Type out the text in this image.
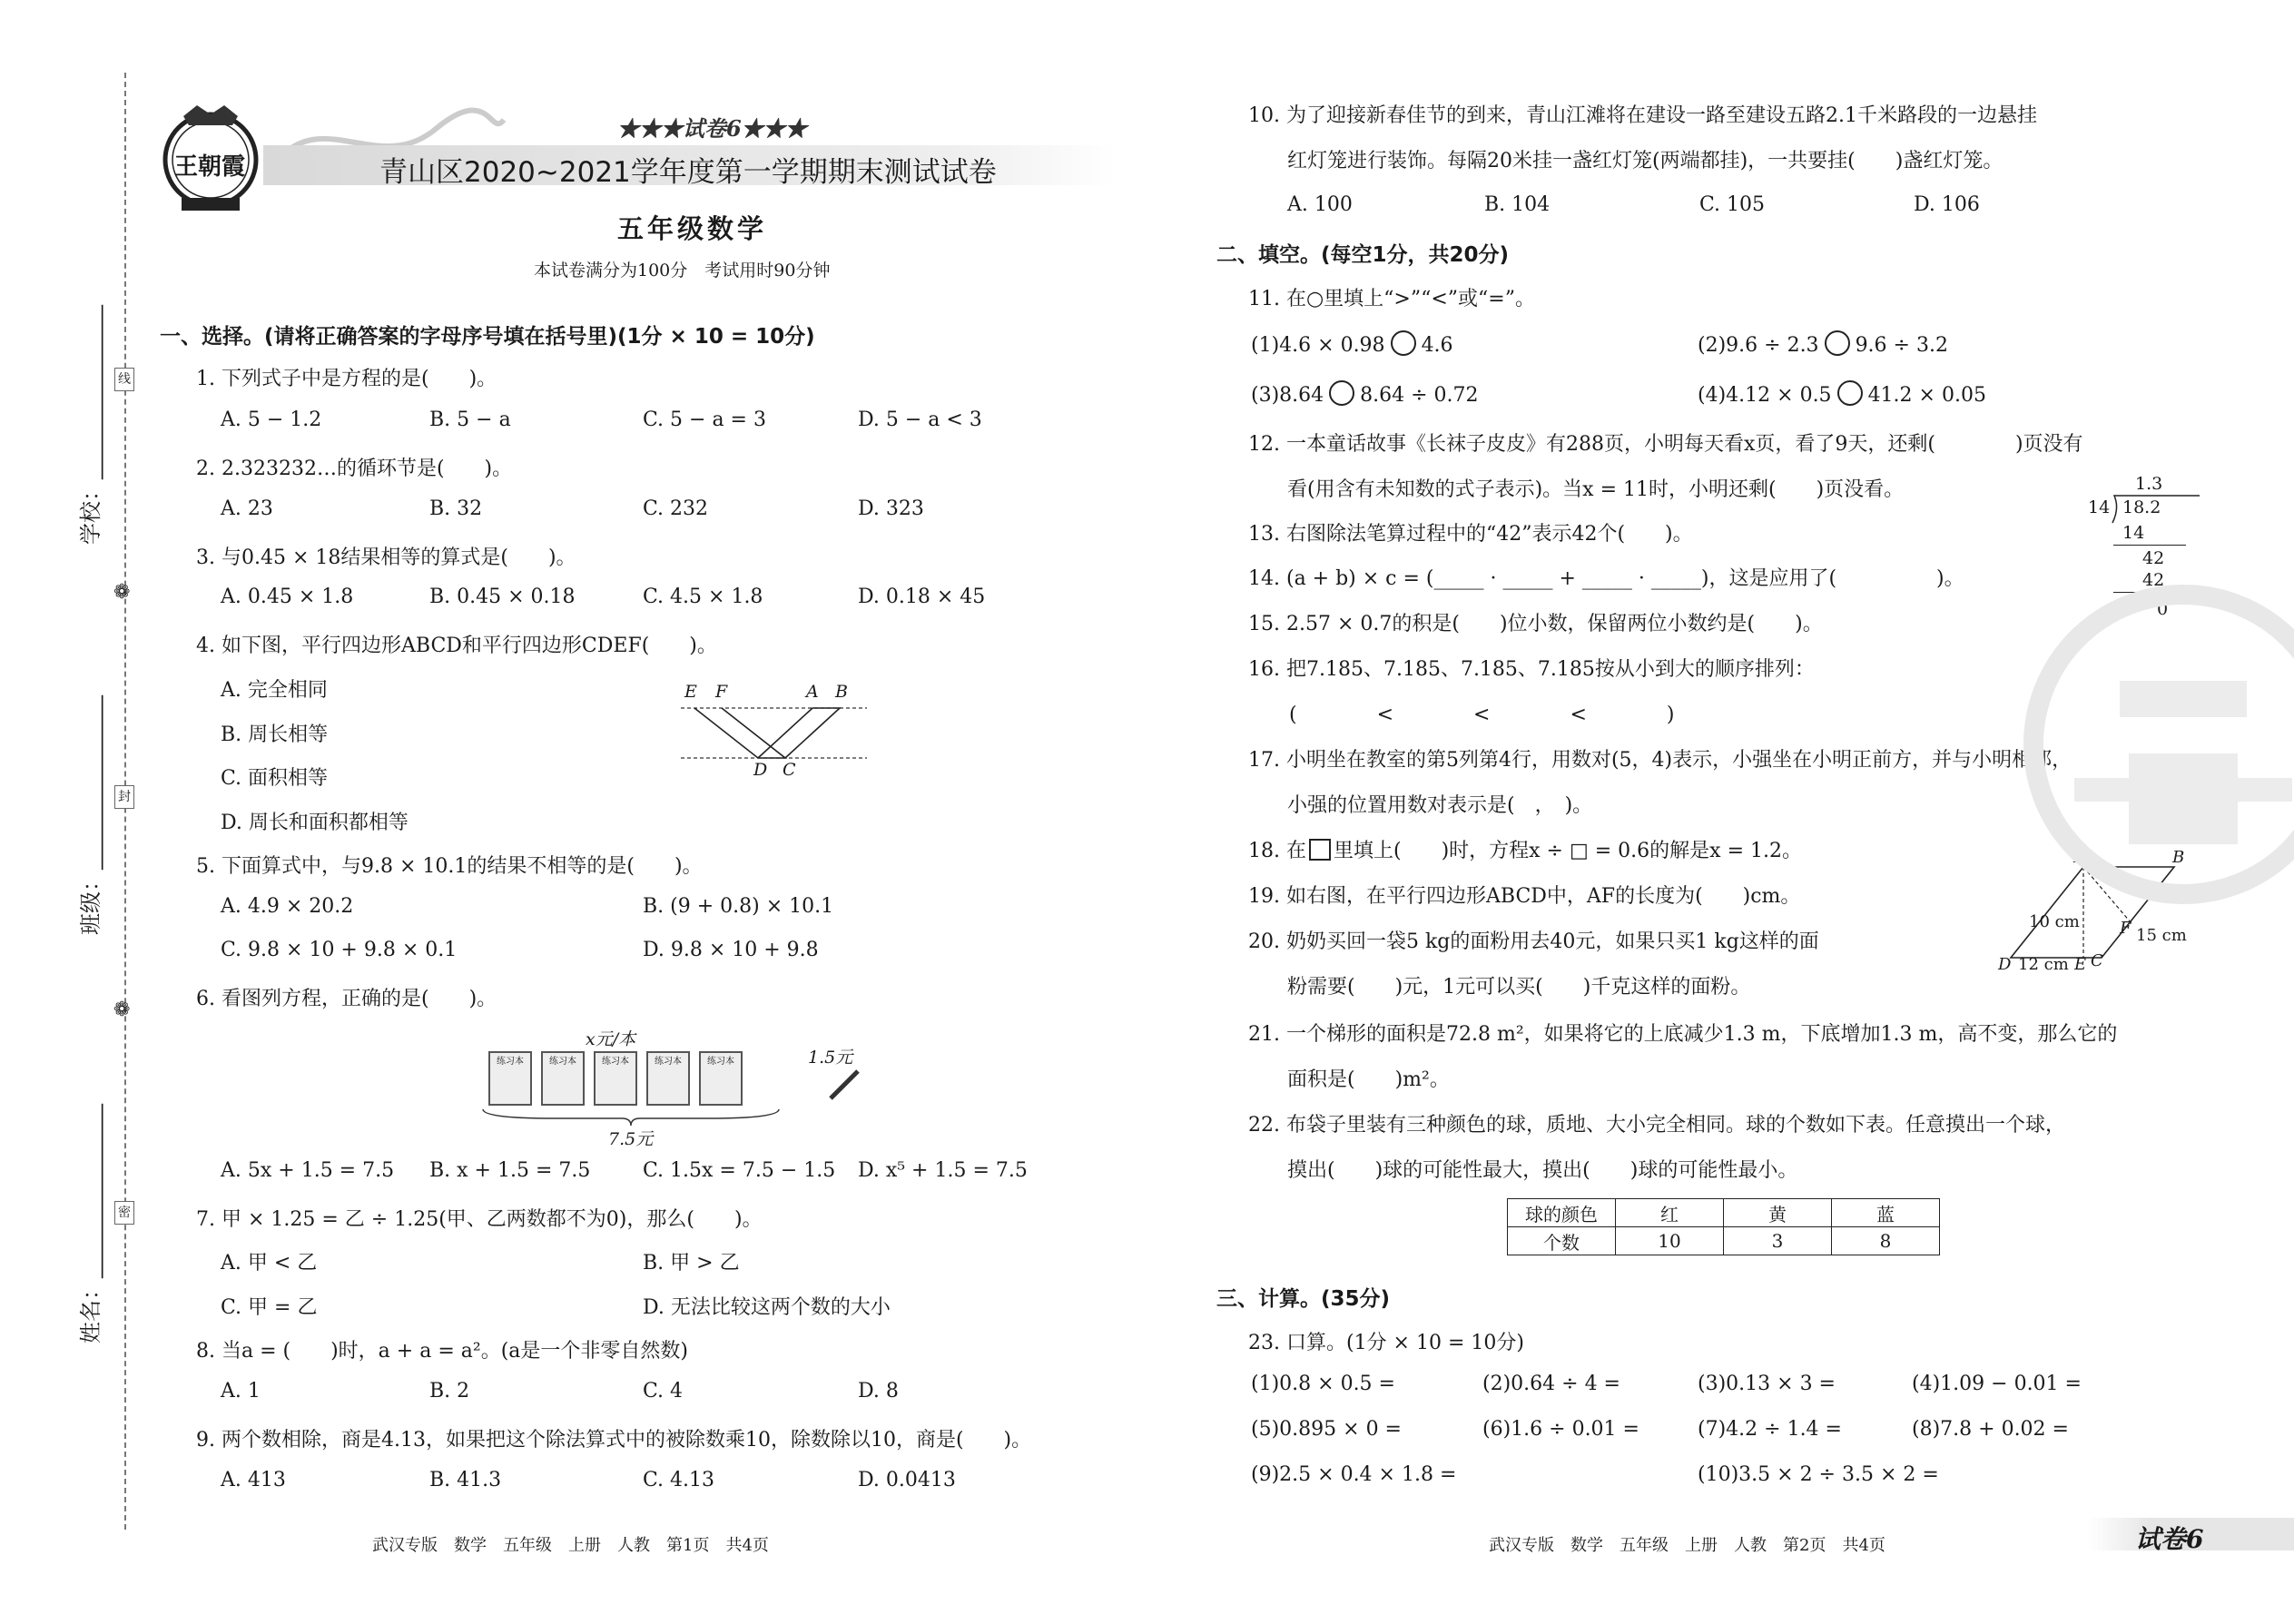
学校：________________
班级：________________
姓名：________________
线
封
密
❁
❁
王朝霞
★★★试卷6★★★
青山区2020~2021学年度第一学期期末测试试卷
五年级数学
本试卷满分为100分　考试用时90分钟
一、选择。(请将正确答案的字母序号填在括号里)(1分 × 10 = 10分)
1. 下列式子中是方程的是(　　)。
A. 5 − 1.2	B. 5 − a	C. 5 − a = 3	D. 5 − a < 3
2. 2.323232…的循环节是(　　)。
A. 23	B. 32	C. 232	D. 323
3. 与0.45 × 18结果相等的算式是(　　)。
A. 0.45 × 1.8	B. 0.45 × 0.18	C. 4.5 × 1.8	D. 0.18 × 45
4. 如下图，平行四边形ABCD和平行四边形CDEF(　　)。
A. 完全相同
B. 周长相等
C. 面积相等
D. 周长和面积都相等
E F	A B
D C
5. 下面算式中，与9.8 × 10.1的结果不相等的是(　　)。
A. 4.9 × 20.2	B. (9 + 0.8) × 10.1
C. 9.8 × 10 + 9.8 × 0.1	D. 9.8 × 10 + 9.8
6. 看图列方程，正确的是(　　)。
x元/本
练习本	练习本	练习本	练习本	练习本	1.5元
7.5元
A. 5x + 1.5 = 7.5 B. x + 1.5 = 7.5	C. 1.5x = 7.5 − 1.5 D. x⁵ + 1.5 = 7.5
7. 甲 × 1.25 = 乙 ÷ 1.25(甲、乙两数都不为0)，那么(　　)。
A. 甲 < 乙	B. 甲 > 乙
C. 甲 = 乙	D. 无法比较这两个数的大小
8. 当a = (　　)时，a + a = a²。(a是一个非零自然数)
A. 1	B. 2	C. 4	D. 8
9. 两个数相除，商是4.13，如果把这个除法算式中的被除数乘10，除数除以10，商是(　　)。
A. 413	B. 41.3	C. 4.13	D. 0.0413
武汉专版　数学　五年级　上册　人教　第1页　共4页
10. 为了迎接新春佳节的到来，青山江滩将在建设一路至建设五路2.1千米路段的一边悬挂
红灯笼进行装饰。每隔20米挂一盏红灯笼(两端都挂)，一共要挂(　　)盏红灯笼。
A. 100	B. 104	C. 105	D. 106
二、填空。(每空1分，共20分)
11. 在○里填上“>”“<”或“=”。
(1)4.6 × 0.98 4.6	(2)9.6 ÷ 2.3 9.6 ÷ 3.2
(3)8.64 8.64 ÷ 0.72	(4)4.12 × 0.5 41.2 × 0.05
12. 一本童话故事《长袜子皮皮》有288页，小明每天看x页，看了9天，还剩(　　　　)页没有
看(用含有未知数的式子表示)。当x = 11时，小明还剩(　　)页没看。	1.3
14 18.2
14
42
42
0
13. 右图除法笔算过程中的“42”表示42个(　　)。
14. (a + b) × c = (_____ · _____ + _____ · _____)，这是应用了(　　　　　)。
15. 2.57 × 0.7的积是(　　)位小数，保留两位小数约是(　　)。
16. 把7.185、7.185、7.185、7.185按从小到大的顺序排列：
(　　　　<　　　　<　　　　<　　　　)
17. 小明坐在教室的第5列第4行，用数对(5，4)表示，小强坐在小明正前方，并与小明相邻，
小强的位置用数对表示是(　，　)。
18. 在 里填上(　　)时，方程x ÷ □ = 0.6的解是x = 1.2。
19. 如右图，在平行四边形ABCD中，AF的长度为(　　)cm。
20. 奶奶买回一袋5 kg的面粉用去40元，如果只买1 kg这样的面
粉需要(　　)元，1元可以买(　　)千克这样的面粉。
A	B
D	E C
F
10 cm
15 cm
12 cm
21. 一个梯形的面积是72.8 m²，如果将它的上底减少1.3 m，下底增加1.3 m，高不变，那么它的
面积是(　　)m²。
22. 布袋子里装有三种颜色的球，质地、大小完全相同。球的个数如下表。任意摸出一个球，
摸出(　　)球的可能性最大，摸出(　　)球的可能性最小。
球的颜色	红	黄	蓝
个数	10	3	8
三、计算。(35分)
23. 口算。(1分 × 10 = 10分)
(1)0.8 × 0.5 =	(2)0.64 ÷ 4 =	(3)0.13 × 3 =	(4)1.09 − 0.01 =
(5)0.895 × 0 =	(6)1.6 ÷ 0.01 =	(7)4.2 ÷ 1.4 =	(8)7.8 + 0.02 =
(9)2.5 × 0.4 × 1.8 =	(10)3.5 × 2 ÷ 3.5 × 2 =
武汉专版　数学　五年级　上册　人教　第2页　共4页	试卷6
